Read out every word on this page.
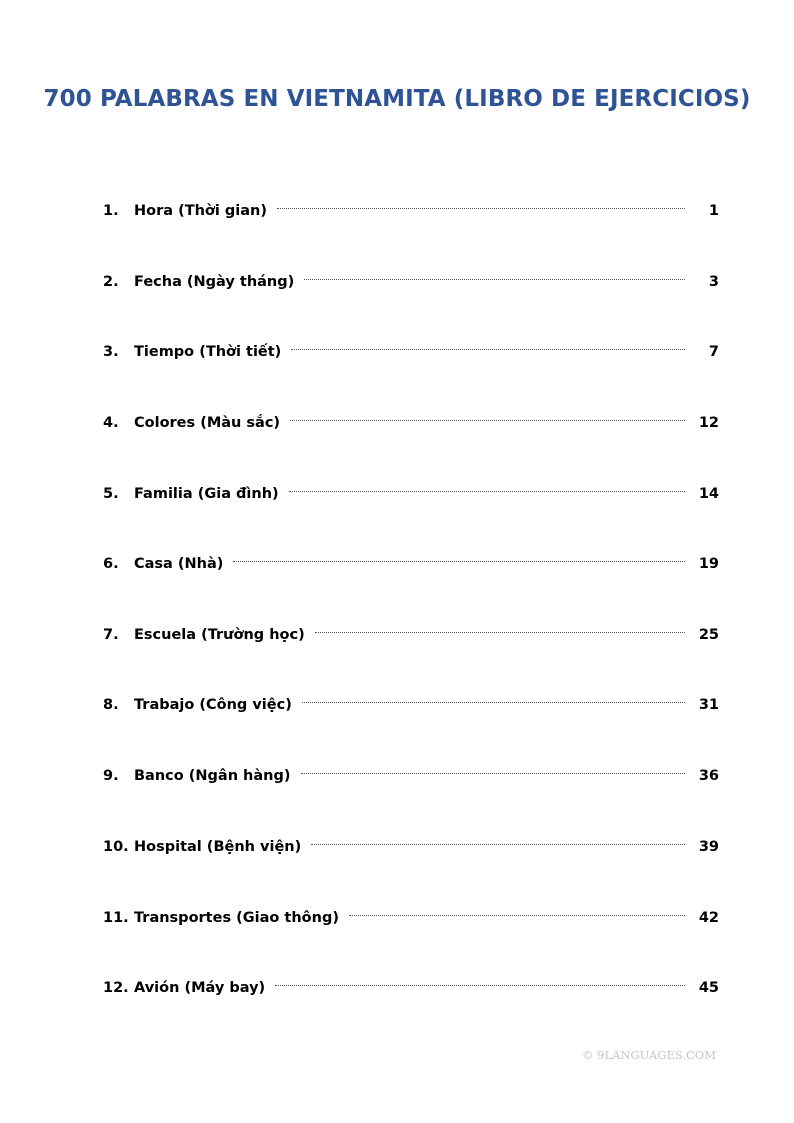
700 PALABRAS EN VIETNAMITA (LIBRO DE EJERCICIOS)
1.	Hora (Thời gian)	1
2.	Fecha (Ngày tháng)	3
3.	Tiempo (Thời tiết)	7
4.	Colores (Màu sắc)	12
5.	Familia (Gia đình)	14
6.	Casa (Nhà)	19
7.	Escuela (Trường học)	25
8.	Trabajo (Công việc)	31
9.	Banco (Ngân hàng)	36
10. Hospital (Bệnh viện)	39
11. Transportes (Giao thông)	42
12. Avión (Máy bay)	45
© 9LANGUAGES.COM
